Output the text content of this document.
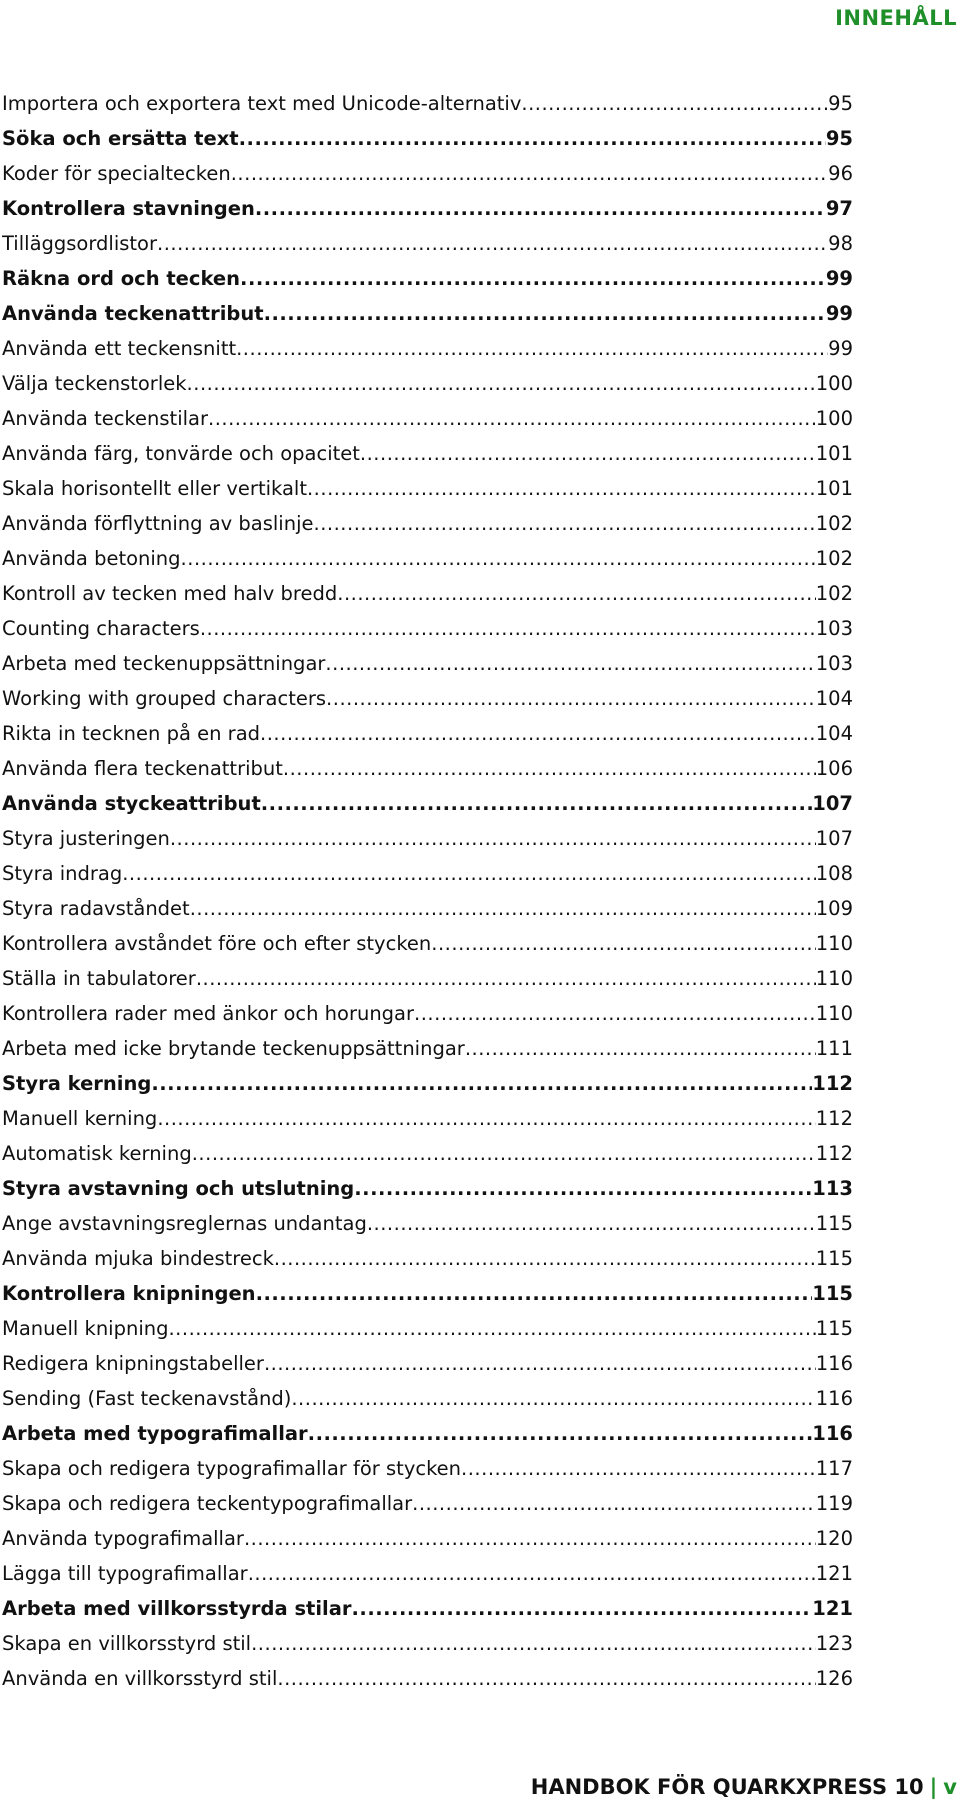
INNEHÅLL
Importera och exportera text med Unicode-alternativ .....	95
Söka och ersätta text .....	95
Koder för specialtecken .....	96
Kontrollera stavningen .....	97
Tilläggsordlistor .....	98
Räkna ord och tecken .....	99
Använda teckenattribut .....	99
Använda ett teckensnitt .....	99
Välja teckenstorlek .....	100
Använda teckenstilar .....	100
Använda färg, tonvärde och opacitet .....	101
Skala horisontellt eller vertikalt .....	101
Använda förflyttning av baslinje .....	102
Använda betoning .....	102
Kontroll av tecken med halv bredd .....	102
Counting characters .....	103
Arbeta med teckenuppsättningar .....	103
Working with grouped characters .....	104
Rikta in tecknen på en rad .....	104
Använda flera teckenattribut .....	106
Använda styckeattribut .....	107
Styra justeringen .....	107
Styra indrag .....	108
Styra radavståndet .....	109
Kontrollera avståndet före och efter stycken .....	110
Ställa in tabulatorer .....	110
Kontrollera rader med änkor och horungar .....	110
Arbeta med icke brytande teckenuppsättningar .....	111
Styra kerning .....	112
Manuell kerning .....	112
Automatisk kerning .....	112
Styra avstavning och utslutning .....	113
Ange avstavningsreglernas undantag .....	115
Använda mjuka bindestreck .....	115
Kontrollera knipningen .....	115
Manuell knipning .....	115
Redigera knipningstabeller .....	116
Sending (Fast teckenavstånd) .....	116
Arbeta med typografimallar .....	116
Skapa och redigera typografimallar för stycken .....	117
Skapa och redigera teckentypografimallar .....	119
Använda typografimallar .....	120
Lägga till typografimallar .....	121
Arbeta med villkorsstyrda stilar .....	121
Skapa en villkorsstyrd stil .....	123
Använda en villkorsstyrd stil .....	126
HANDBOK FÖR QUARKXPRESS 10 | v
